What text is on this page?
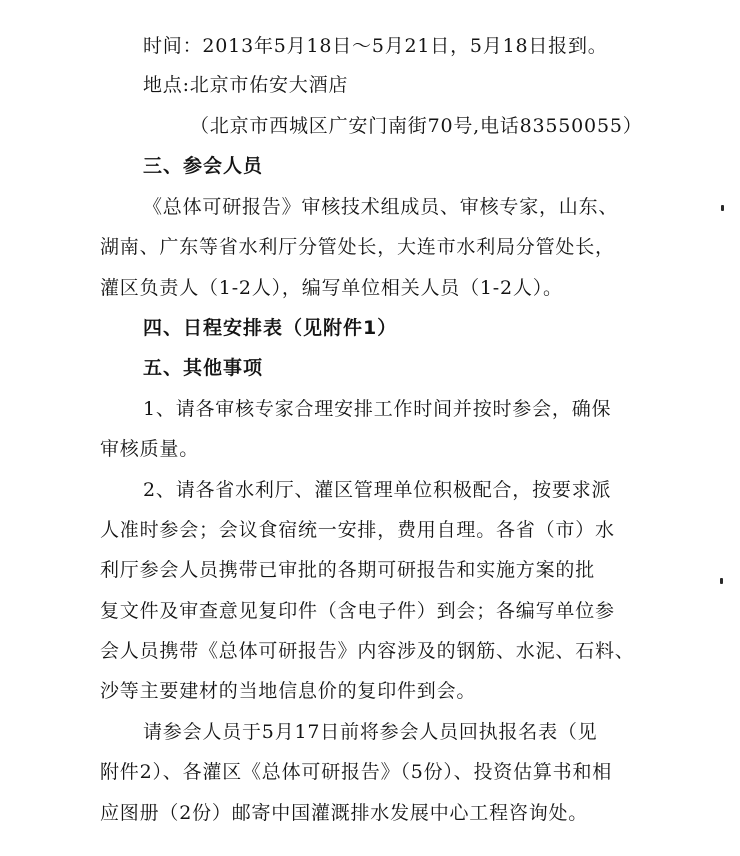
时间：2013年5月18日～5月21日，5月18日报到。
地点:北京市佑安大酒店
（北京市西城区广安门南街70号,电话83550055）
三、参会人员
《总体可研报告》审核技术组成员、审核专家，山东、
湖南、广东等省水利厅分管处长，大连市水利局分管处长，
灌区负责人（1-2人），编写单位相关人员（1-2人）。
四、日程安排表（见附件1）
五、其他事项
1、请各审核专家合理安排工作时间并按时参会，确保
审核质量。
2、请各省水利厅、灌区管理单位积极配合，按要求派
人准时参会；会议食宿统一安排，费用自理。各省（市）水
利厅参会人员携带已审批的各期可研报告和实施方案的批
复文件及审查意见复印件（含电子件）到会；各编写单位参
会人员携带《总体可研报告》内容涉及的钢筋、水泥、石料、
沙等主要建材的当地信息价的复印件到会。
请参会人员于5月17日前将参会人员回执报名表（见
附件2）、各灌区《总体可研报告》（5份）、投资估算书和相
应图册（2份）邮寄中国灌溉排水发展中心工程咨询处。
